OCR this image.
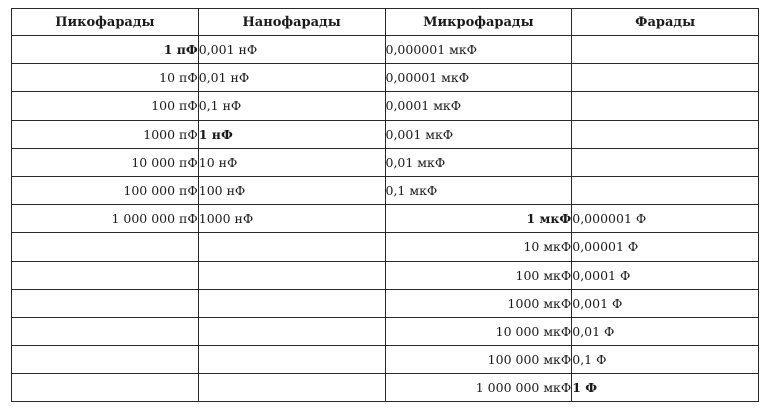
Пикофарады	Нанофарады	Микрофарады	Фарады
1 пФ	0,001 нФ	0,000001 мкФ	
10 пФ	0,01 нФ	0,00001 мкФ	
100 пФ	0,1 нФ	0,0001 мкФ	
1000 пФ	1 нФ	0,001 мкФ	
10 000 пФ	10 нФ	0,01 мкФ	
100 000 пФ	100 нФ	0,1 мкФ	
1 000 000 пФ	1000 нФ	1 мкФ	0,000001 Ф
		10 мкФ	0,00001 Ф
		100 мкФ	0,0001 Ф
		1000 мкФ	0,001 Ф
		10 000 мкФ	0,01 Ф
		100 000 мкФ	0,1 Ф
		1 000 000 мкФ	1 Ф
